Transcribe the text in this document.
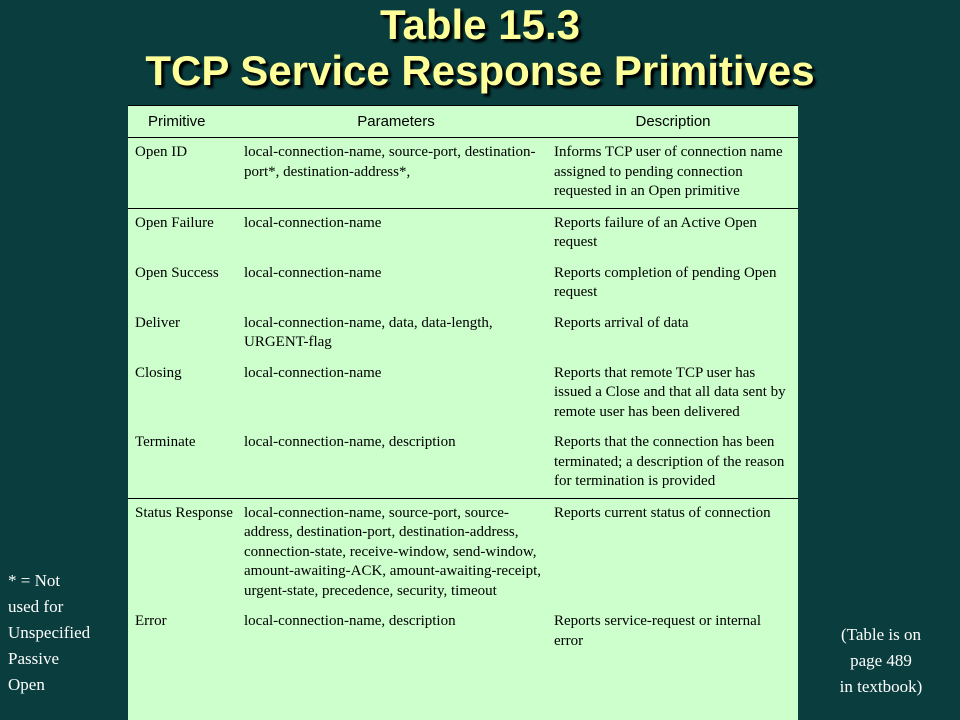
Table 15.3
TCP Service Response Primitives
Primitive	Parameters	Description
Open ID	local-connection-name, source-port, destination-port*, destination-address*,	Informs TCP user of connection name assigned to pending connection requested in an Open primitive
Open Failure	local-connection-name	Reports failure of an Active Open request
Open Success	local-connection-name	Reports completion of pending Open request
Deliver	local-connection-name, data, data-length, URGENT-flag	Reports arrival of data
Closing	local-connection-name	Reports that remote TCP user has issued a Close and that all data sent by remote user has been delivered
Terminate	local-connection-name, description	Reports that the connection has been terminated; a description of the reason for termination is provided
Status Response	local-connection-name, source-port, source-address, destination-port, destination-address, connection-state, receive-window, send-window, amount-awaiting-ACK, amount-awaiting-receipt, urgent-state, precedence, security, timeout	Reports current status of connection
Error	local-connection-name, description	Reports service-request or internal error
* = Not
used for
Unspecified
Passive
Open
(Table is on
page 489
in textbook)
